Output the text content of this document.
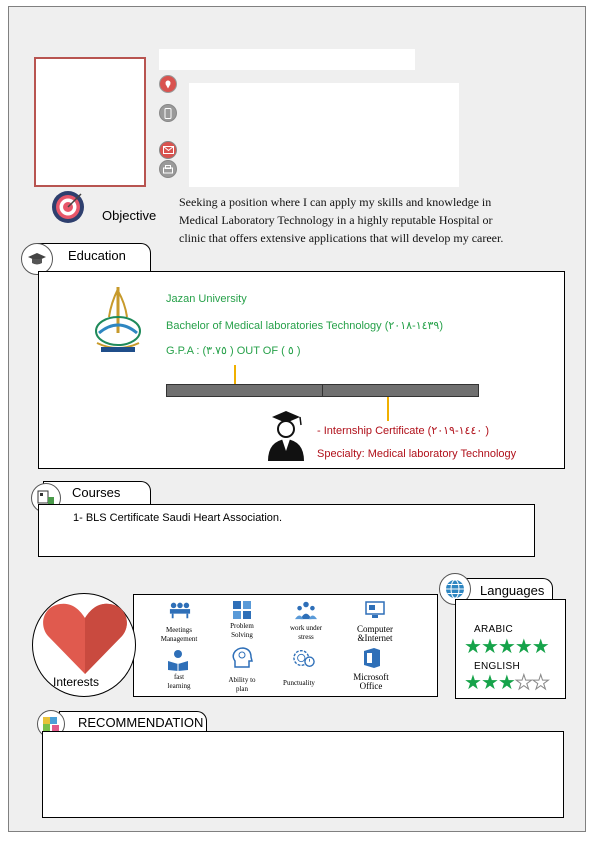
Objective
Seeking a position where I can apply my skills and knowledge in Medical Laboratory Technology in a highly reputable Hospital or clinic that offers extensive applications that will develop my career.
Education
Jazan University
Bachelor of Medical laboratories Technology (١٤٣٩-٢٠١٨)
G.P.A : (٣.٧٥ ) OUT OF ( ٥ )
- Internship Certificate (١٤٤٠-٢٠١٩ )
Specialty: Medical laboratory Technology
Courses
1- BLS Certificate Saudi Heart Association.
Languages
ARABIC
★★★★★
ENGLISH
★★★★★
Interests
Meetings
Management
Problem
Solving
work under
stress
Computer
&Internet
fast
learning
Ability to
plan
Punctuality
Microsoft
Office
RECOMMENDATION
